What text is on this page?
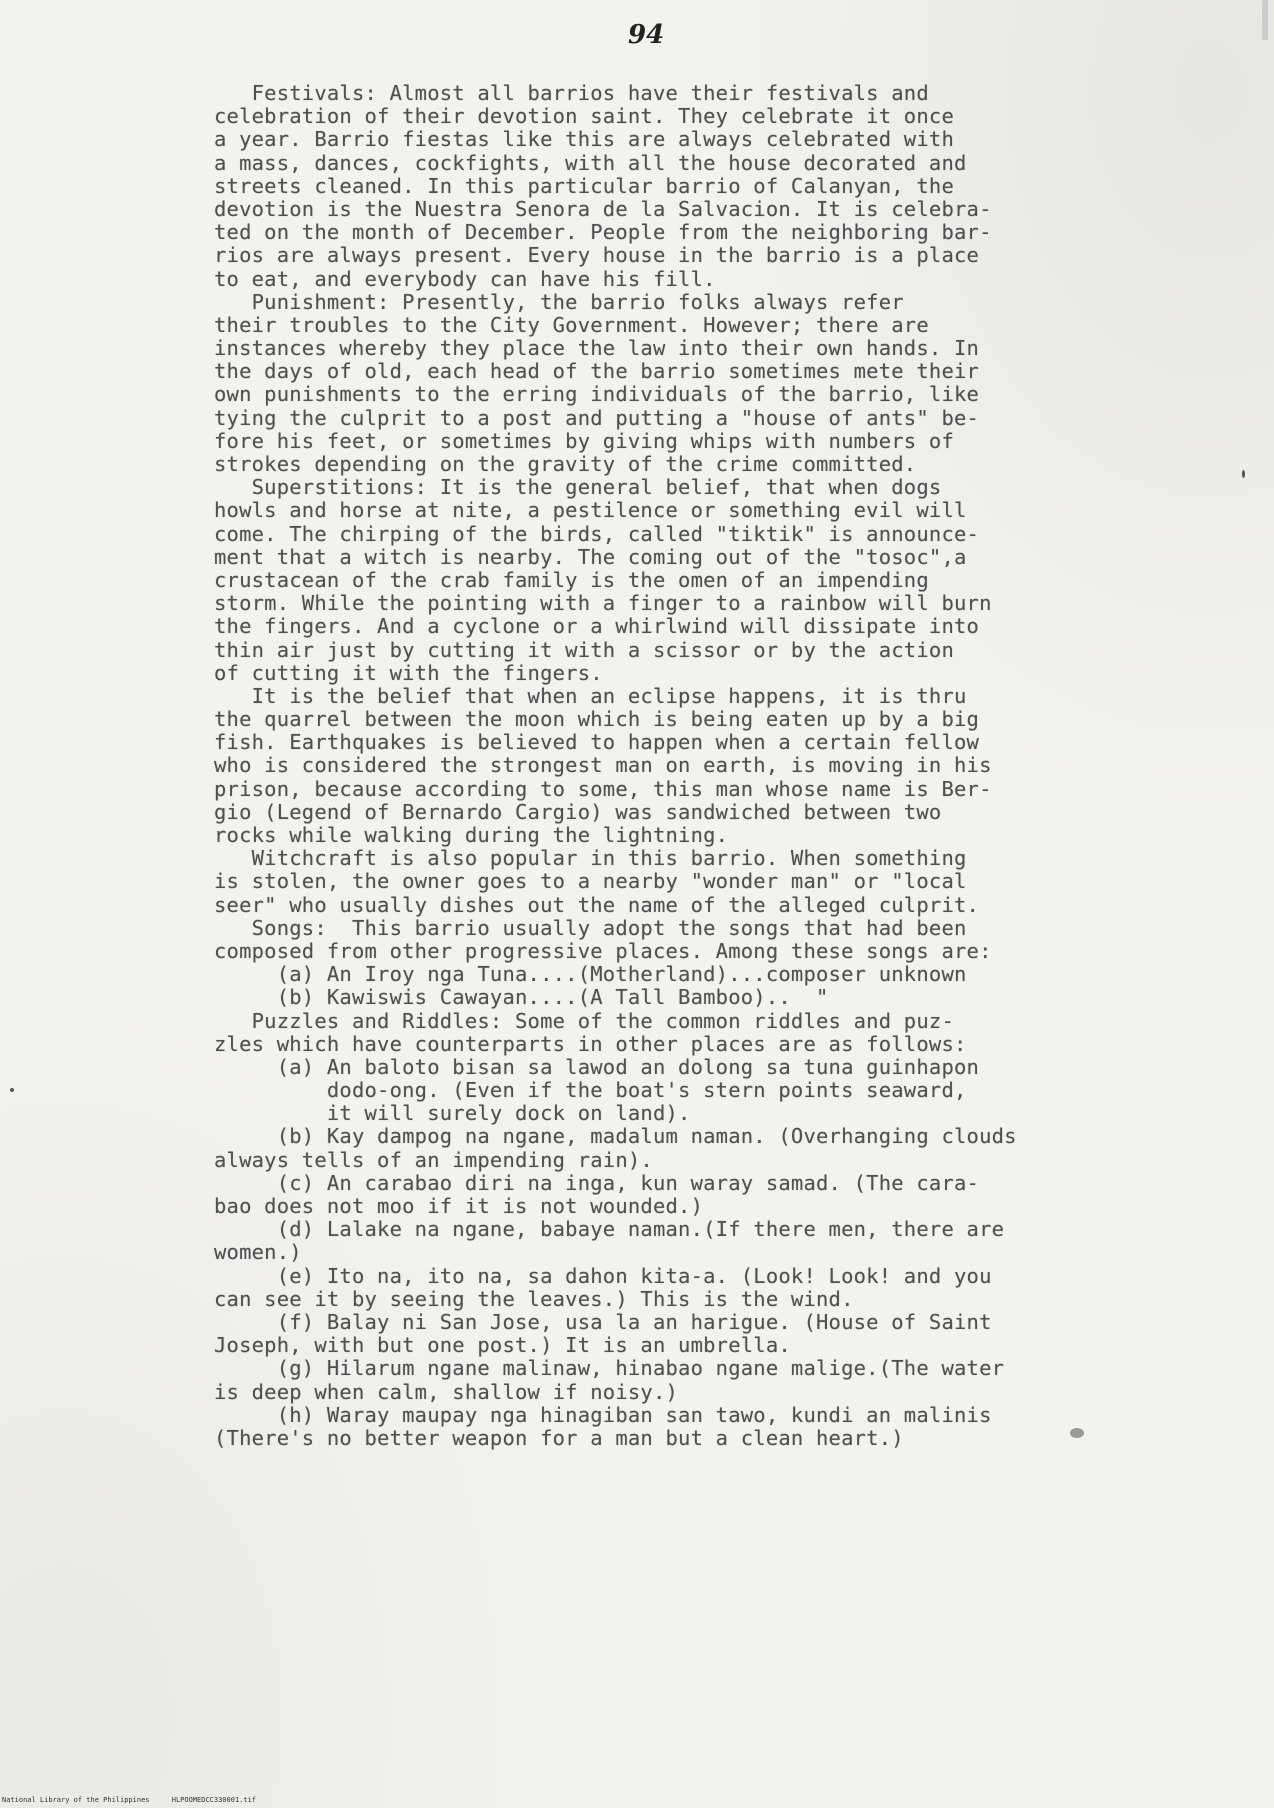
94
Festivals: Almost all barrios have their festivals and
celebration of their devotion saint. They celebrate it once
a year. Barrio fiestas like this are always celebrated with
a mass, dances, cockfights, with all the house decorated and
streets cleaned. In this particular barrio of Calanyan, the
devotion is the Nuestra Senora de la Salvacion. It is celebra-
ted on the month of December. People from the neighboring bar-
rios are always present. Every house in the barrio is a place
to eat, and everybody can have his fill.
Punishment: Presently, the barrio folks always refer
their troubles to the City Government. However; there are
instances whereby they place the law into their own hands. In
the days of old, each head of the barrio sometimes mete their
own punishments to the erring individuals of the barrio, like
tying the culprit to a post and putting a "house of ants" be-
fore his feet, or sometimes by giving whips with numbers of
strokes depending on the gravity of the crime committed.
Superstitions: It is the general belief, that when dogs
howls and horse at nite, a pestilence or something evil will
come. The chirping of the birds, called "tiktik" is announce-
ment that a witch is nearby. The coming out of the "tosoc",a
crustacean of the crab family is the omen of an impending
storm. While the pointing with a finger to a rainbow will burn
the fingers. And a cyclone or a whirlwind will dissipate into
thin air just by cutting it with a scissor or by the action
of cutting it with the fingers.
It is the belief that when an eclipse happens, it is thru
the quarrel between the moon which is being eaten up by a big
fish. Earthquakes is believed to happen when a certain fellow
who is considered the strongest man on earth, is moving in his
prison, because according to some, this man whose name is Ber-
gio (Legend of Bernardo Cargio) was sandwiched between two
rocks while walking during the lightning.
Witchcraft is also popular in this barrio. When something
is stolen, the owner goes to a nearby "wonder man" or "local
seer" who usually dishes out the name of the alleged culprit.
Songs:  This barrio usually adopt the songs that had been
composed from other progressive places. Among these songs are:
(a) An Iroy nga Tuna....(Motherland)...composer unknown
(b) Kawiswis Cawayan....(A Tall Bamboo)..  "
Puzzles and Riddles: Some of the common riddles and puz-
zles which have counterparts in other places are as follows:
(a) An baloto bisan sa lawod an dolong sa tuna guinhapon
dodo-ong. (Even if the boat's stern points seaward,
it will surely dock on land).
(b) Kay dampog na ngane, madalum naman. (Overhanging clouds
always tells of an impending rain).
(c) An carabao diri na inga, kun waray samad. (The cara-
bao does not moo if it is not wounded.)
(d) Lalake na ngane, babaye naman.(If there men, there are
women.)
(e) Ito na, ito na, sa dahon kita-a. (Look! Look! and you
can see it by seeing the leaves.) This is the wind.
(f) Balay ni San Jose, usa la an harigue. (House of Saint
Joseph, with but one post.) It is an umbrella.
(g) Hilarum ngane malinaw, hinabao ngane malige.(The water
is deep when calm, shallow if noisy.)
(h) Waray maupay nga hinagiban san tawo, kundi an malinis
(There's no better weapon for a man but a clean heart.)
National Library of the Philippines	HLPOOMEDCC330001.tif
